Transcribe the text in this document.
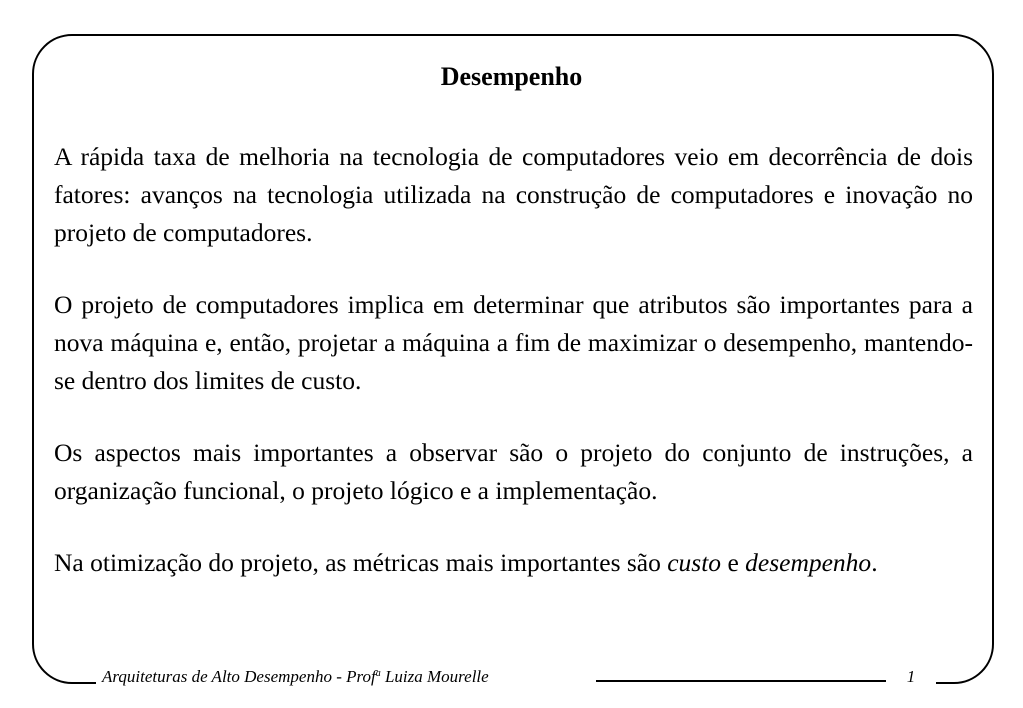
Desempenho

A rápida taxa de melhoria na tecnologia de computadores veio em decorrência de dois fatores: avanços na tecnologia utilizada na construção de computadores e inovação no projeto de computadores.

O projeto de computadores implica em determinar que atributos são importantes para a nova máquina e, então, projetar a máquina a fim de maximizar o desempenho, mantendo-se dentro dos limites de custo.

Os aspectos mais importantes a observar são o projeto do conjunto de instruções, a organização funcional, o projeto lógico e a implementação.

Na otimização do projeto, as métricas mais importantes são custo e desempenho.

Arquiteturas de Alto Desempenho - Prof$^a$ Luiza Mourelle	1
